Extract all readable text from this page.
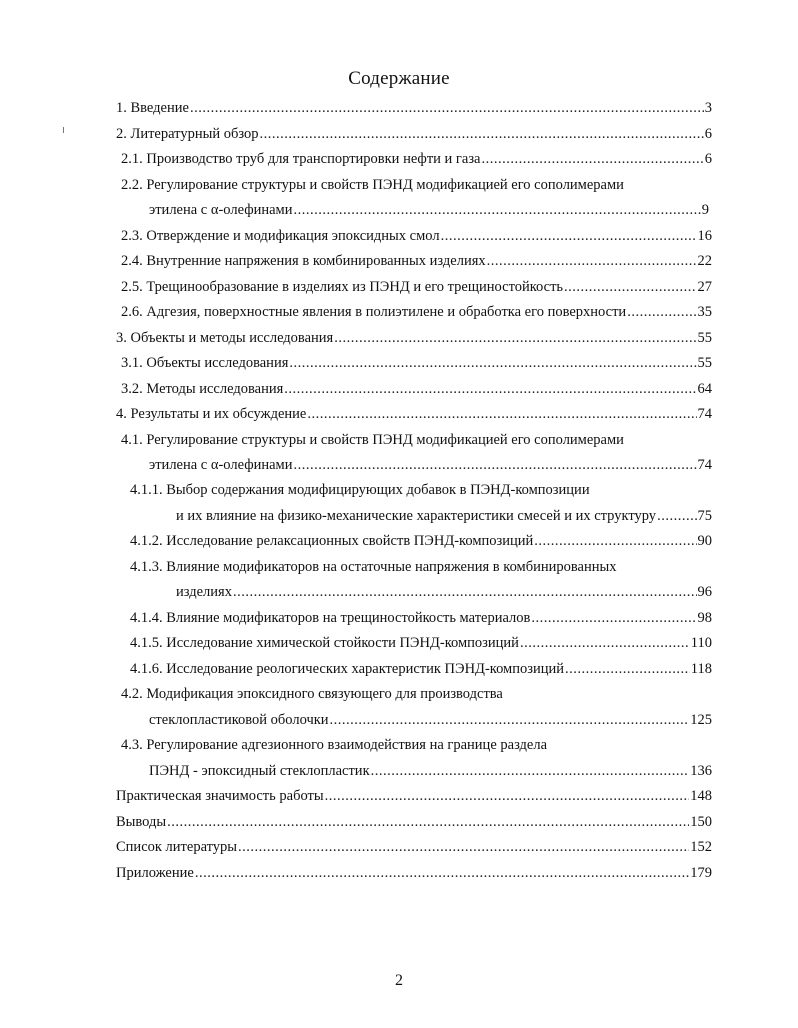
Содержание
1. Введение .....	3
2. Литературный обзор .....	6
2.1. Производство труб для транспортировки нефти и газа .....	6
2.2. Регулирование структуры и свойств ПЭНД модификацией его сополимерами
этилена с α-олефинами .....	9
2.3. Отверждение и модификация эпоксидных смол .....	16
2.4. Внутренние напряжения в комбинированных изделиях .....	22
2.5. Трещинообразование в изделиях из ПЭНД и его трещиностойкость .....	27
2.6. Адгезия, поверхностные явления в полиэтилене и обработка его поверхности .....	35
3. Объекты и методы исследования .....	55
3.1. Объекты исследования .....	55
3.2. Методы исследования .....	64
4. Результаты и их обсуждение .....	74
4.1. Регулирование структуры и свойств ПЭНД модификацией его сополимерами
этилена с α-олефинами .....	74
4.1.1. Выбор содержания модифицирующих добавок в ПЭНД-композиции
и их влияние на физико-механические характеристики смесей и их структуру .....	75
4.1.2. Исследование релаксационных свойств ПЭНД-композиций .....	90
4.1.3. Влияние модификаторов на остаточные напряжения в комбинированных
изделиях .....	96
4.1.4. Влияние модификаторов на трещиностойкость материалов .....	98
4.1.5. Исследование химической стойкости ПЭНД-композиций .....	110
4.1.6. Исследование реологических характеристик ПЭНД-композиций .....	118
4.2. Модификация эпоксидного связующего для производства
стеклопластиковой оболочки .....	125
4.3. Регулирование адгезионного взаимодействия на границе раздела
ПЭНД - эпоксидный стеклопластик .....	136
Практическая значимость работы .....	148
Выводы .....	150
Список литературы .....	152
Приложение .....	179
2
